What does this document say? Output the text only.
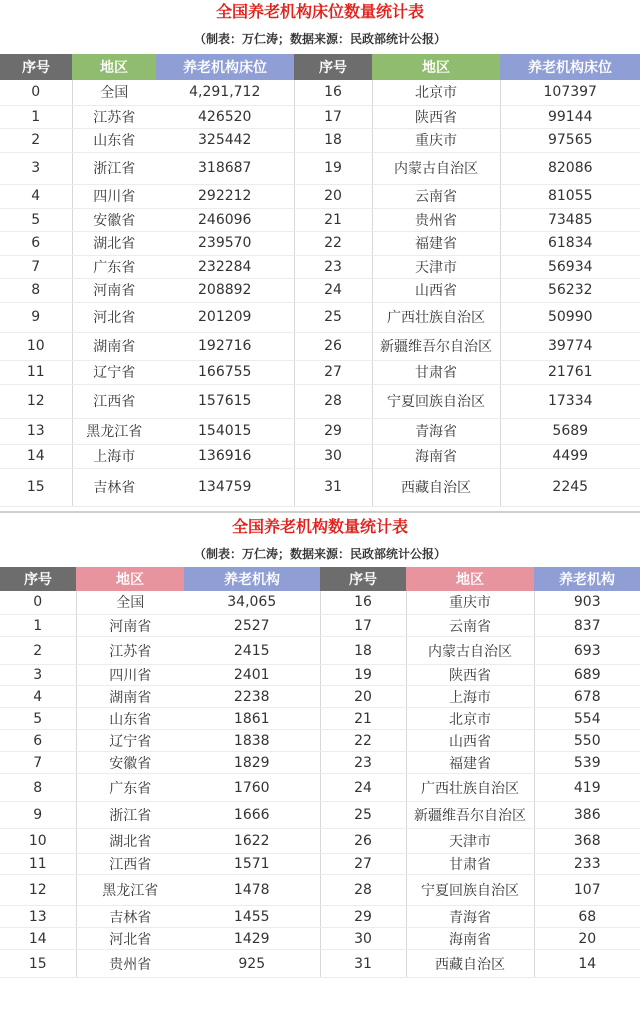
全国养老机构床位数量统计表
（制表：万仁涛；数据来源：民政部统计公报）
序号	地区	养老机构床位	序号	地区	养老机构床位
0	全国	4,291,712	16	北京市	107397
1	江苏省	426520	17	陕西省	99144
2	山东省	325442	18	重庆市	97565
3	浙江省	318687	19	内蒙古自治区	82086
4	四川省	292212	20	云南省	81055
5	安徽省	246096	21	贵州省	73485
6	湖北省	239570	22	福建省	61834
7	广东省	232284	23	天津市	56934
8	河南省	208892	24	山西省	56232
9	河北省	201209	25	广西壮族自治区	50990
10	湖南省	192716	26	新疆维吾尔自治区	39774
11	辽宁省	166755	27	甘肃省	21761
12	江西省	157615	28	宁夏回族自治区	17334
13	黑龙江省	154015	29	青海省	5689
14	上海市	136916	30	海南省	4499
15	吉林省	134759	31	西藏自治区	2245
全国养老机构数量统计表
（制表：万仁涛；数据来源：民政部统计公报）
序号	地区	养老机构	序号	地区	养老机构
0	全国	34,065	16	重庆市	903
1	河南省	2527	17	云南省	837
2	江苏省	2415	18	内蒙古自治区	693
3	四川省	2401	19	陕西省	689
4	湖南省	2238	20	上海市	678
5	山东省	1861	21	北京市	554
6	辽宁省	1838	22	山西省	550
7	安徽省	1829	23	福建省	539
8	广东省	1760	24	广西壮族自治区	419
9	浙江省	1666	25	新疆维吾尔自治区	386
10	湖北省	1622	26	天津市	368
11	江西省	1571	27	甘肃省	233
12	黑龙江省	1478	28	宁夏回族自治区	107
13	吉林省	1455	29	青海省	68
14	河北省	1429	30	海南省	20
15	贵州省	925	31	西藏自治区	14
